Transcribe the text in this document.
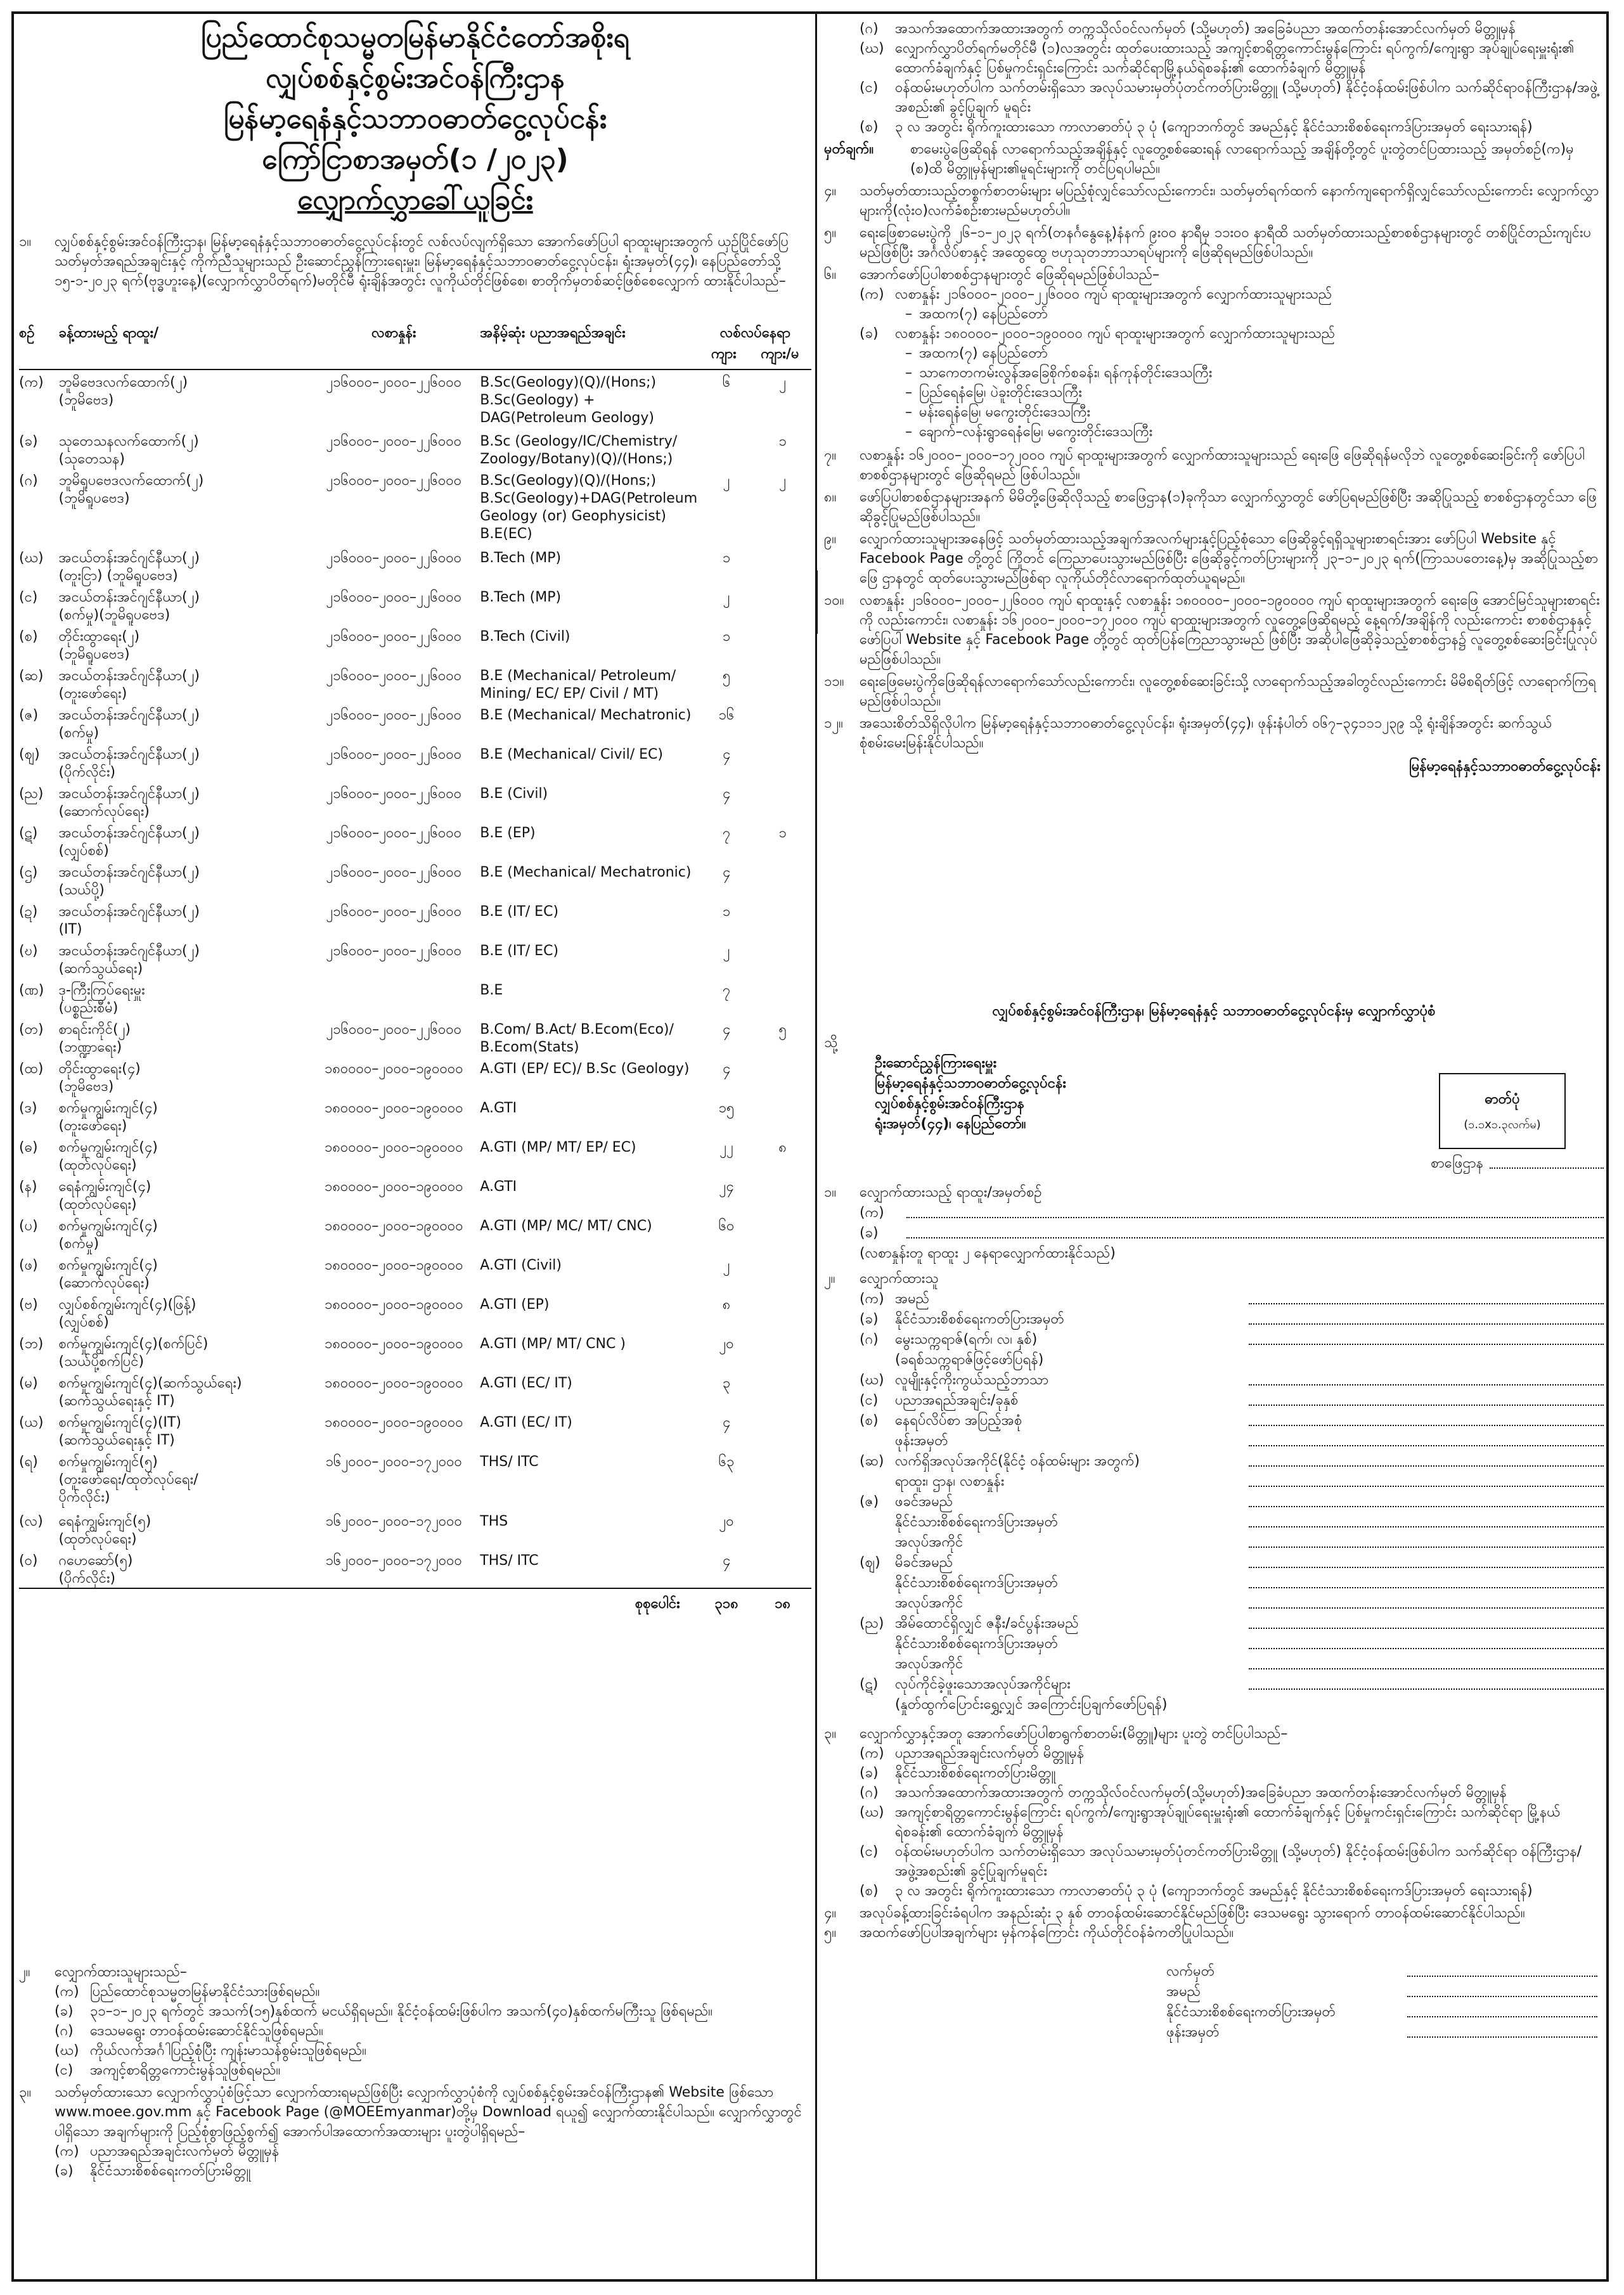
ပြည်ထောင်စုသမ္မတမြန်မာနိုင်ငံတော်အစိုးရ
လျှပ်စစ်နှင့်စွမ်းအင်ဝန်ကြီးဌာန
မြန်မာ့ရေနံနှင့်သဘာဝဓာတ်ငွေ့လုပ်ငန်း
ကြော်ငြာစာအမှတ်(၁ /၂၀၂၃)
လျှောက်လွှာခေါ်ယူခြင်း
၁။ လျှပ်စစ်နှင့်စွမ်းအင်ဝန်ကြီးဌာန၊ မြန်မာ့ရေနံနှင့်သဘာဝဓာတ်ငွေ့လုပ်ငန်းတွင် လစ်လပ်လျက်ရှိသော အောက်ဖော်ပြပါ ရာထူးများအတွက် ယှဉ်ပြိုင်ဖော်ပြသတ်မှတ်အရည်အချင်းနှင့် ကိုက်ညီသူများသည် ဦးဆောင်ညွှန်ကြားရေးမှူး၊ မြန်မာ့ရေနံနှင့်သဘာဝဓာတ်ငွေ့လုပ်ငန်း၊ ရုံးအမှတ်(၄၄)၊ နေပြည်တော်သို့ ၁၅-၁-၂၀၂၃ ရက်(ဗုဒ္ဓဟူးနေ့)(လျှောက်လွှာပိတ်ရက်)မတိုင်မီ ရုံးချိန်အတွင်း လူကိုယ်တိုင်ဖြစ်စေ၊ စာတိုက်မှတစ်ဆင့်ဖြစ်စေလျှောက် ထားနိုင်ပါသည်–
စဉ်	ခန့်ထားမည့် ရာထူး/	လစာနှုန်း	အနိမ့်ဆုံး ပညာအရည်အချင်း	လစ်လပ်နေရာ
ကျား ကျား/မ	

(က)	ဘူမိဗေဒလက်ထောက်(၂)
(ဘူမိဗေဒ)	၂၁၆၀၀၀–၂၀၀၀–၂၂၆၀၀၀	B.Sc(Geology)(Q)/(Hons;)
B.Sc(Geology) +
DAG(Petroleum Geology)	၆	၂
(ခ)	သုတေသနလက်ထောက်(၂)
(သုတေသန)	၂၁၆၀၀၀–၂၀၀၀–၂၂၆၀၀၀	B.Sc (Geology/IC/Chemistry/
Zoology/Botany)(Q)/(Hons;)		၁
(ဂ)	ဘူမိရူပဗေဒလက်ထောက်(၂)
(ဘူမိရူပဗေဒ)	၂၁၆၀၀၀–၂၀၀၀–၂၂၆၀၀၀	B.Sc(Geology)(Q)/(Hons;)
B.Sc(Geology)+DAG(Petroleum
Geology (or) Geophysicist)
B.E(EC)	၂	၂
(ဃ)	အငယ်တန်းအင်ဂျင်နီယာ(၂)
(တူးငြာ) (ဘူမိရူပဗေဒ)	၂၁၆၀၀၀–၂၀၀၀–၂၂၆၀၀၀	B.Tech (MP)	၁	
(င)	အငယ်တန်းအင်ဂျင်နီယာ(၂)
(စက်မှု)(ဘူမိရူပဗေဒ)	၂၁၆၀၀၀–၂၀၀၀–၂၂၆၀၀၀	B.Tech (MP)	၂	
(စ)	တိုင်းထွာရေး(၂)
(ဘူမိရူပဗေဒ)	၂၁၆၀၀၀–၂၀၀၀–၂၂၆၀၀၀	B.Tech (Civil)	၁	
(ဆ)	အငယ်တန်းအင်ဂျင်နီယာ(၂)
(တူးဖော်ရေး)	၂၁၆၀၀၀–၂၀၀၀–၂၂၆၀၀၀	B.E (Mechanical/ Petroleum/
Mining/ EC/ EP/ Civil / MT)	၅	
(ဇ)	အငယ်တန်းအင်ဂျင်နီယာ(၂)
(စက်မှု)	၂၁၆၀၀၀–၂၀၀၀–၂၂၆၀၀၀	B.E (Mechanical/ Mechatronic)	၁၆	
(ဈ)	အငယ်တန်းအင်ဂျင်နီယာ(၂)
(ပိုက်လိုင်း)	၂၁၆၀၀၀–၂၀၀၀–၂၂၆၀၀၀	B.E (Mechanical/ Civil/ EC)	၄	
(ည)	အငယ်တန်းအင်ဂျင်နီယာ(၂)
(ဆောက်လုပ်ရေး)	၂၁၆၀၀၀–၂၀၀၀–၂၂၆၀၀၀	B.E (Civil)	၄	
(ဋ)	အငယ်တန်းအင်ဂျင်နီယာ(၂)
(လျှပ်စစ်)	၂၁၆၀၀၀–၂၀၀၀–၂၂၆၀၀၀	B.E (EP)	၇	၁
(ဌ)	အငယ်တန်းအင်ဂျင်နီယာ(၂)
(သယ်ပို့)	၂၁၆၀၀၀–၂၀၀၀–၂၂၆၀၀၀	B.E (Mechanical/ Mechatronic)	၄	
(ဍ)	အငယ်တန်းအင်ဂျင်နီယာ(၂)
(IT)	၂၁၆၀၀၀–၂၀၀၀–၂၂၆၀၀၀	B.E (IT/ EC)	၁	
(ဎ)	အငယ်တန်းအင်ဂျင်နီယာ(၂)
(ဆက်သွယ်ရေး)	၂၁၆၀၀၀–၂၀၀၀–၂၂၆၀၀၀	B.E (IT/ EC)	၂	
(ဏ)	ဒု-ကြီးကြပ်ရေးမှူး
(ပစ္စည်းစီမံ)		B.E	၇	
(တ)	စာရင်းကိုင်(၂)
(ဘဏ္ဍာရေး)	၂၁၆၀၀၀–၂၀၀၀–၂၂၆၀၀၀	B.Com/ B.Act/ B.Ecom(Eco)/
B.Ecom(Stats)	၄	၅
(ထ)	တိုင်းထွာရေး(၄)
(ဘူမိဗေဒ)	၁၈၀၀၀၀–၂၀၀၀–၁၉၀၀၀၀	A.GTI (EP/ EC)/ B.Sc (Geology)	၄	
(ဒ)	စက်မှုကျွမ်းကျင်(၄)
(တူးဖော်ရေး)	၁၈၀၀၀၀–၂၀၀၀–၁၉၀၀၀၀	A.GTI	၁၅	
(ဓ)	စက်မှုကျွမ်းကျင်(၄)
(ထုတ်လုပ်ရေး)	၁၈၀၀၀၀–၂၀၀၀–၁၉၀၀၀၀	A.GTI (MP/ MT/ EP/ EC)	၂၂	၈
(န)	ရေနံကျွမ်းကျင်(၄)
(ထုတ်လုပ်ရေး)	၁၈၀၀၀၀–၂၀၀၀–၁၉၀၀၀၀	A.GTI	၂၄	
(ပ)	စက်မှုကျွမ်းကျင်(၄)
(စက်မှု)	၁၈၀၀၀၀–၂၀၀၀–၁၉၀၀၀၀	A.GTI (MP/ MC/ MT/ CNC)	၆၀	
(ဖ)	စက်မှုကျွမ်းကျင်(၄)
(ဆောက်လုပ်ရေး)	၁၈၀၀၀၀–၂၀၀၀–၁၉၀၀၀၀	A.GTI (Civil)	၂	
(ဗ)	လျှပ်စစ်ကျွမ်းကျင်(၄)(ဖြန့်)
(လျှပ်စစ်)	၁၈၀၀၀၀–၂၀၀၀–၁၉၀၀၀၀	A.GTI (EP)	၈	
(ဘ)	စက်မှုကျွမ်းကျင်(၄)(စက်ပြင်)
(သယ်ပို့စက်ပြင်)	၁၈၀၀၀၀–၂၀၀၀–၁၉၀၀၀၀	A.GTI (MP/ MT/ CNC )	၂၀	
(မ)	စက်မှုကျွမ်းကျင်(၄)(ဆက်သွယ်ရေး)
(ဆက်သွယ်ရေးနှင့် IT)	၁၈၀၀၀၀–၂၀၀၀–၁၉၀၀၀၀	A.GTI (EC/ IT)	၃	
(ယ)	စက်မှုကျွမ်းကျင်(၄)(IT)
(ဆက်သွယ်ရေးနှင့် IT)	၁၈၀၀၀၀–၂၀၀၀–၁၉၀၀၀၀	A.GTI (EC/ IT)	၄	
(ရ)	စက်မှုကျွမ်းကျင်(၅)
(တူးဖော်ရေး/ထုတ်လုပ်ရေး/
ပိုက်လိုင်း)	၁၆၂၀၀၀–၂၀၀၀–၁၇၂၀၀၀	THS/ ITC	၆၃	
(လ)	ရေနံကျွမ်းကျင်(၅)
(ထုတ်လုပ်ရေး)	၁၆၂၀၀၀–၂၀၀၀–၁၇၂၀၀၀	THS	၂၀	
(ဝ)	ဂဟေဆော်(၅)
(ပိုက်လိုင်း)	၁၆၂၀၀၀–၂၀၀၀–၁၇၂၀၀၀	THS/ ITC	၄	
			စုစုပေါင်း	၃၁၈	၁၈
၂။ လျှောက်ထားသူများသည်–
(က) ပြည်ထောင်စုသမ္မတမြန်မာနိုင်ငံသားဖြစ်ရမည်။
(ခ) ၃၁–၁–၂၀၂၃ ရက်တွင် အသက်(၁၅)နှစ်ထက် မငယ်ရှိရမည်။ နိုင်ငံ့ဝန်ထမ်းဖြစ်ပါက အသက်(၄၀)နှစ်ထက်မကြီးသူ ဖြစ်ရမည်။
(ဂ) ဒေသမရွေး တာဝန်ထမ်းဆောင်နိုင်သူဖြစ်ရမည်။
(ဃ) ကိုယ်လက်အင်္ဂါပြည့်စုံပြီး ကျန်းမာသန်စွမ်းသူဖြစ်ရမည်။
(င) အကျင့်စာရိတ္တကောင်းမွန်သူဖြစ်ရမည်။
၃။ သတ်မှတ်ထားသော လျှောက်လွှာပုံစံဖြင့်သာ လျှောက်ထားရမည်ဖြစ်ပြီး လျှောက်လွှာပုံစံကို လျှပ်စစ်နှင့်စွမ်းအင်ဝန်ကြီးဌာန၏ Website ဖြစ်သော www.moee.gov.mm နှင့် Facebook Page (@MOEEmyanmar)တို့မှ Download ရယူ၍ လျှောက်ထားနိုင်ပါသည်။ လျှောက်လွှာတွင်ပါရှိသော အချက်များကို ပြည့်စုံစွာဖြည့်စွက်၍ အောက်ပါအထောက်အထားများ ပူးတွဲပါရှိရမည်–
(က) ပညာအရည်အချင်းလက်မှတ် မိတ္တူမှန်
(ခ) နိုင်ငံသားစိစစ်ရေးကတ်ပြားမိတ္တူ
(ဂ) အသက်အထောက်အထားအတွက် တက္ကသိုလ်ဝင်လက်မှတ် (သို့မဟုတ်) အခြေခံပညာ အထက်တန်းအောင်လက်မှတ် မိတ္တူမှန်
(ဃ) လျှောက်လွှာပိတ်ရက်မတိုင်မီ (၁)လအတွင်း ထုတ်ပေးထားသည့် အကျင့်စာရိတ္တကောင်းမွန်ကြောင်း ရပ်ကွက်/ကျေးရွာ အုပ်ချုပ်ရေးမှူးရုံး၏ ထောက်ခံချက်နှင့် ပြစ်မှုကင်းရှင်းကြောင်း သက်ဆိုင်ရာမြို့နယ်ရဲစခန်း၏ ထောက်ခံချက် မိတ္တူမှန်
(င) ဝန်ထမ်းမဟုတ်ပါက သက်တမ်းရှိသော အလုပ်သမားမှတ်ပုံတင်ကတ်ပြားမိတ္တူ (သို့မဟုတ်) နိုင်ငံ့ဝန်ထမ်းဖြစ်ပါက သက်ဆိုင်ရာဝန်ကြီးဌာန/အဖွဲ့အစည်း၏ ခွင့်ပြုချက် မူရင်း
(စ) ၃ လ အတွင်း ရိုက်ကူးထားသော ကာလာဓာတ်ပုံ ၃ ပုံ (ကျောဘက်တွင် အမည်နှင့် နိုင်ငံသားစိစစ်ရေးကဒ်ပြားအမှတ် ရေးသားရန်)
မှတ်ချက်။	စာမေးပွဲဖြေဆိုရန် လာရောက်သည့်အချိန်နှင့် လူတွေ့စစ်ဆေးရန် လာရောက်သည့် အချိန်တို့တွင် ပူးတွဲတင်ပြထားသည့် အမှတ်စဉ်(က)မှ (စ)ထိ မိတ္တူမှန်များ၏မူရင်းများကို တင်ပြရပါမည်။
၄။ သတ်မှတ်ထားသည့်တစ္စက်စာတမ်းများ မပြည့်စုံလျှင်သော်လည်းကောင်း၊ သတ်မှတ်ရက်ထက် နောက်ကျရောက်ရှိလျှင်သော်လည်းကောင်း လျှောက်လွှာများကို(လုံးဝ)လက်ခံစဉ်းစားမည်မဟုတ်ပါ။
၅။ ရေးဖြေစာမေးပွဲကို ၂၆–၁–၂၀၂၃ ရက်(တနင်္ဂနွေနေ့)နံနက် ၉း၀၀ နာရီမှ ၁၁း၀၀ နာရီထိ သတ်မှတ်ထားသည့်စာစစ်ဌာနများတွင် တစ်ပြိုင်တည်းကျင်းပမည်ဖြစ်ပြီး အင်္ဂလိပ်စာနှင့် အထွေထွေ ဗဟုသုတဘာသာရပ်များကို ဖြေဆိုရမည်ဖြစ်ပါသည်။
၆။ အောက်ဖော်ပြပါစာစစ်ဌာနများတွင် ဖြေဆိုရမည်ဖြစ်ပါသည်–
(က) လစာနှုန်း ၂၁၆၀၀၀–၂၀၀၀–၂၂၆၀၀၀ ကျပ် ရာထူးများအတွက် လျှောက်ထားသူများသည်
– အထက(၇) နေပြည်တော်
(ခ) လစာနှုန်း ၁၈၀၀၀၀–၂၀၀၀–၁၉၀၀၀၀ ကျပ် ရာထူးများအတွက် လျှောက်ထားသူများသည်
– အထက(၇) နေပြည်တော်
– သာကေတကမ်းလွန်အခြေစိုက်စခန်း၊ ရန်ကုန်တိုင်းဒေသကြီး
– ပြည်ရေနံမြေ၊ ပဲခူးတိုင်းဒေသကြီး
– မန်းရေနံမြေ၊ မကွေးတိုင်းဒေသကြီး
– ချောက်–လန်းရွာရေနံမြေ၊ မကွေးတိုင်းဒေသကြီး
၇။ လစာနှုန်း ၁၆၂၀၀၀–၂၀၀၀–၁၇၂၀၀၀ ကျပ် ရာထူးများအတွက် လျှောက်ထားသူများသည် ရေးဖြေ ဖြေဆိုရန်မလိုဘဲ လူတွေ့စစ်ဆေးခြင်းကို ဖော်ပြပါ စာစစ်ဌာနများတွင် ဖြေဆိုရမည် ဖြစ်ပါသည်။
၈။ ဖော်ပြပါစာစစ်ဌာနများအနက် မိမိတို့ဖြေဆိုလိုသည့် စာဖြေဌာန(၁)ခုကိုသာ လျှောက်လွှာတွင် ဖော်ပြရမည်ဖြစ်ပြီး အဆိုပြုသည့် စာစစ်ဌာနတွင်သာ ဖြေဆိုခွင့်ပြုမည်ဖြစ်ပါသည်။
၉။ လျှောက်ထားသူများအနေဖြင့် သတ်မှတ်ထားသည့်အချက်အလက်များနှင့်ပြည့်စုံသော ဖြေဆိုခွင့်ရရှိသူများစာရင်းအား ဖော်ပြပါ Website နှင့် Facebook Page တို့တွင် ကြိုတင် ကြေညာပေးသွားမည်ဖြစ်ပြီး ဖြေဆိုခွင့်ကတ်ပြားများကို ၂၃–၁–၂၀၂၃ ရက်(ကြာသပတေးနေ့)မှ အဆိုပြုသည့်စာဖြေ ဌာနတွင် ထုတ်ပေးသွားမည်ဖြစ်ရာ လူကိုယ်တိုင်လာရောက်ထုတ်ယူရမည်။
၁၀။ လစာနှုန်း ၂၁၆၀၀၀–၂၀၀၀–၂၂၆၀၀၀ ကျပ် ရာထူးနှင့် လစာနှုန်း ၁၈၀၀၀၀–၂၀၀၀–၁၉၀၀၀၀ ကျပ် ရာထူးများအတွက် ရေးဖြေ အောင်မြင်သူများစာရင်းကို လည်းကောင်း၊ လစာနှုန်း ၁၆၂၀၀၀–၂၀၀၀–၁၇၂၀၀၀ ကျပ် ရာထူးများအတွက် လူတွေ့ဖြေဆိုရမည့် နေ့ရက်/အချိန်ကို လည်းကောင်း စာစစ်ဌာနနှင့် ဖော်ပြပါ Website နှင့် Facebook Page တို့တွင် ထုတ်ပြန်ကြေညာသွားမည် ဖြစ်ပြီး အဆိုပါဖြေဆိုခဲ့သည့်စာစစ်ဌာန၌ လူတွေ့စစ်ဆေးခြင်းပြုလုပ်မည်ဖြစ်ပါသည်။
၁၁။ ရေးဖြေမေးပွဲကိုဖြေဆိုရန်လာရောက်သော်လည်းကောင်း၊ လူတွေ့စစ်ဆေးခြင်းသို့ လာရောက်သည့်အခါတွင်လည်းကောင်း မိမိစရိတ်ဖြင့် လာရောက်ကြရမည်ဖြစ်ပါသည်။
၁၂။ အသေးစိတ်သိရှိလိုပါက မြန်မာ့ရေနံနှင့်သဘာဝဓာတ်ငွေ့လုပ်ငန်း၊ ရုံးအမှတ်(၄၄)၊ ဖုန်းနံပါတ် ၀၆၇–၃၄၁၁၁၂၃၉ သို့ ရုံးချိန်အတွင်း ဆက်သွယ်စုံစမ်းမေးမြန်းနိုင်ပါသည်။
မြန်မာ့ရေနံနှင့်သဘာဝဓာတ်ငွေ့လုပ်ငန်း
လျှပ်စစ်နှင့်စွမ်းအင်ဝန်ကြီးဌာန၊ မြန်မာ့ရေနံနှင့် သဘာဝဓာတ်ငွေ့လုပ်ငန်းမှ လျှောက်လွှာပုံစံ
သို့
ဦးဆောင်ညွှန်ကြားရေးမှူး
မြန်မာ့ရေနံနှင့်သဘာဝဓာတ်ငွေ့လုပ်ငန်း
လျှပ်စစ်နှင့်စွမ်းအင်ဝန်ကြီးဌာန
ရုံးအမှတ်(၄၄)၊ နေပြည်တော်။
ဓာတ်ပုံ
(၁.၁x၁.၃လက်မ)
စာဖြေဌာန
၁။ လျှောက်ထားသည့် ရာထူး/အမှတ်စဉ်
(က)
(ခ)
(လစာနှုန်းတူ ရာထူး ၂ နေရာလျှောက်ထားနိုင်သည်)
၂။ လျှောက်ထားသူ
(က) အမည်
(ခ) နိုင်ငံသားစိစစ်ရေးကတ်ပြားအမှတ်
(ဂ) မွေးသက္ကရာဇ်(ရက်၊ လ၊ နှစ်)
(ခရစ်သက္ကရာဇ်ဖြင့်ဖော်ပြရန်)
(ဃ) လူမျိုးနှင့်ကိုးကွယ်သည့်ဘာသာ
(င) ပညာအရည်အချင်း/ခုနှစ်
(စ) နေရပ်လိပ်စာ အပြည့်အစုံ
ဖုန်းအမှတ်
(ဆ) လက်ရှိအလုပ်အကိုင်(နိုင်ငံ့ ဝန်ထမ်းများ အတွက်)
ရာထူး၊ ဌာန၊ လစာနှုန်း
(ဇ) ဖခင်အမည်
နိုင်ငံသားစိစစ်ရေးကဒ်ပြားအမှတ်
အလုပ်အကိုင်
(ဈ) မိခင်အမည်
နိုင်ငံသားစိစစ်ရေးကဒ်ပြားအမှတ်
အလုပ်အကိုင်
(ည) အိမ်ထောင်ရှိလျှင် ဇနီး/ခင်ပွန်းအမည်
နိုင်ငံသားစိစစ်ရေးကဒ်ပြားအမှတ်
အလုပ်အကိုင်
(ဋ) လုပ်ကိုင်ခဲ့ဖူးသောအလုပ်အကိုင်များ
(နှုတ်ထွက်ပြောင်းရွှေ့လျှင် အကြောင်းပြချက်ဖော်ပြရန်)
၃။ လျှောက်လွှာနှင့်အတူ အောက်ဖော်ပြပါစာရွက်စာတမ်း(မိတ္တူ)များ ပူးတွဲ တင်ပြပါသည်–
(က) ပညာအရည်အချင်းလက်မှတ် မိတ္တူမှန်
(ခ) နိုင်ငံသားစိစစ်ရေးကတ်ပြားမိတ္တူ
(ဂ) အသက်အထောက်အထားအတွက် တက္ကသိုလ်ဝင်လက်မှတ်(သို့မဟုတ်)အခြေခံပညာ အထက်တန်းအောင်လက်မှတ် မိတ္တူမှန်
(ဃ) အကျင့်စာရိတ္တကောင်းမွန်ကြောင်း ရပ်ကွက်/ကျေးရွာအုပ်ချုပ်ရေးမှူးရုံး၏ ထောက်ခံချက်နှင့် ပြစ်မှုကင်းရှင်းကြောင်း သက်ဆိုင်ရာ မြို့နယ်ရဲစခန်း၏ ထောက်ခံချက် မိတ္တူမှန်
(င) ဝန်ထမ်းမဟုတ်ပါက သက်တမ်းရှိသော အလုပ်သမားမှတ်ပုံတင်ကတ်ပြားမိတ္တူ (သို့မဟုတ်) နိုင်ငံ့ဝန်ထမ်းဖြစ်ပါက သက်ဆိုင်ရာ ဝန်ကြီးဌာန/အဖွဲ့အစည်း၏ ခွင့်ပြုချက်မူရင်း
(စ) ၃ လ အတွင်း ရိုက်ကူးထားသော ကာလာဓာတ်ပုံ ၃ ပုံ (ကျောဘက်တွင် အမည်နှင့် နိုင်ငံသားစိစစ်ရေးကဒ်ပြားအမှတ် ရေးသားရန်)
၄။ အလုပ်ခန့်ထားခြင်းခံရပါက အနည်းဆုံး ၃ နှစ် တာဝန်ထမ်းဆောင်နိုင်မည်ဖြစ်ပြီး ဒေသမရွေး သွားရောက် တာဝန်ထမ်းဆောင်နိုင်ပါသည်။
၅။ အထက်ဖော်ပြပါအချက်များ မှန်ကန်ကြောင်း ကိုယ်တိုင်ဝန်ခံကတိပြုပါသည်။
လက်မှတ်
အမည်
နိုင်ငံသားစိစစ်ရေးကတ်ပြားအမှတ်
ဖုန်းအမှတ်
